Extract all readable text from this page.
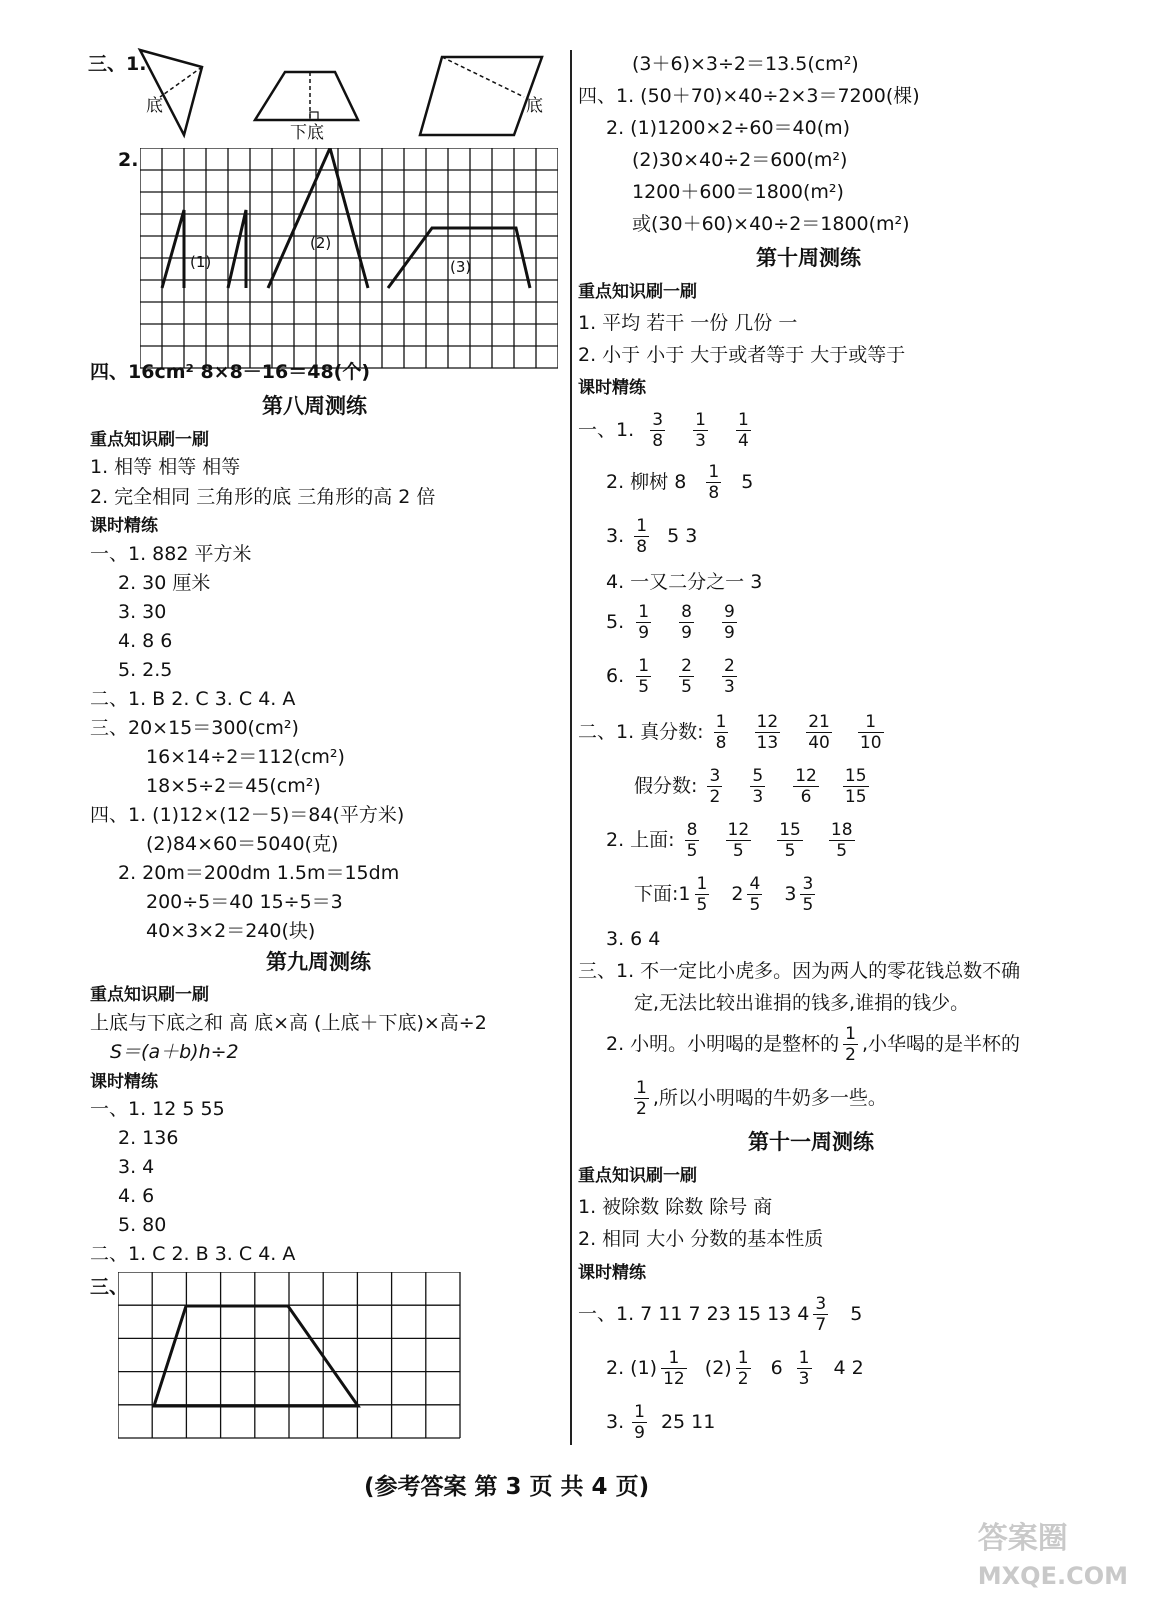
三、1.
底
下底
底
2.
(1)
(2)
(3)
四、16cm² 8×8－16＝48(个)
第八周测练
重点知识刷一刷
1. 相等 相等 相等
2. 完全相同 三角形的底 三角形的高 2 倍
课时精练
一、1. 882 平方米
2. 30 厘米
3. 30
4. 8 6
5. 2.5
二、1. B 2. C 3. C 4. A
三、20×15＝300(cm²)
16×14÷2＝112(cm²)
18×5÷2＝45(cm²)
四、1. (1)12×(12－5)＝84(平方米)
(2)84×60＝5040(克)
2. 20m＝200dm 1.5m＝15dm
200÷5＝40 15÷5＝3
40×3×2＝240(块)
第九周测练
重点知识刷一刷
上底与下底之和 高 底×高 (上底＋下底)×高÷2
S＝(a＋b)h÷2
课时精练
一、1. 12 5 55
2. 136
3. 4
4. 6
5. 80
二、1. C 2. B 3. C 4. A
三、
(3＋6)×3÷2＝13.5(cm²)
四、1. (50＋70)×40÷2×3＝7200(棵)
2. (1)1200×2÷60＝40(m)
(2)30×40÷2＝600(m²)
1200＋600＝1800(m²)
或(30＋60)×40÷2＝1800(m²)
第十周测练
重点知识刷一刷
1. 平均 若干 一份 几份 一
2. 小于 小于 大于或者等于 大于或等于
课时精练
一、1. $\frac{3}{8}$
$\frac{1}{3}$
$\frac{1}{4}$
2. 柳树 $8 \frac{1}{8} 5$
3. $\frac{1}{8} 5$ 3
4. 一又二分之一 3
5. $\frac{1}{9}$
$\frac{8}{9}$
$\frac{9}{9}$
6. $\frac{1}{5}$
$\frac{2}{5}$
$\frac{2}{3}$
二、1. 真分数: $\frac{1}{8}$
$\frac{12}{13}$
$\frac{21}{40}$
$\frac{1}{10}$
假分数: $\frac{3}{2}$
$\frac{5}{3}$
$\frac{12}{6}$
$\frac{15}{15}$
2. 上面: $\frac{8}{5}$
$\frac{12}{5}$
$\frac{15}{5}$
$\frac{18}{5}$
下面:1 $\frac{1}{5} 2 \frac{4}{5} 3 \frac{3}{5}$
3. 6 4
三、1. 不一定比小虎多。因为两人的零花钱总数不确
定,无法比较出谁捐的钱多,谁捐的钱少。
2. 小明。小明喝的是整杯的 $\frac{1}{2}$ ,小华喝的是半杯的
$\frac{1}{2}$ ,所以小明喝的牛奶多一些。
第十一周测练
重点知识刷一刷
1. 被除数 除数 除号 商
2. 相同 大小 分数的基本性质
课时精练
一、1. 7 11 7 23 15 13 $4 \frac{3}{7} 5$
2. $(1) \frac{1}{12} (2) \frac{1}{2} 6 \frac{1}{3} 4$ 2
3. $\frac{1}{9} 25$ 11
(参考答案 第 3 页 共 4 页)
答案圈
MXQE.COM
